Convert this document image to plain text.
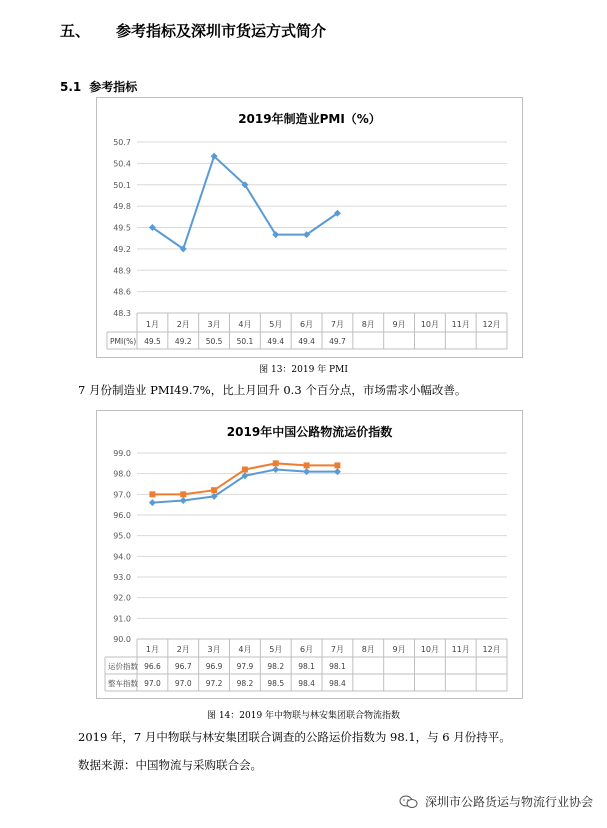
五、 参考指标及深圳市货运方式简介
5.1 参考指标
2019年制造业PMI（%）
48.3
48.6
48.9
49.2
49.5
49.8
50.1
50.4
50.7
1月 2月 3月 4月 5月 6月 7月 8月 9月 10月 11月 12月
PMI(%) 49.5 49.2 50.5 50.1 49.4 49.4 49.7
图 13：2019 年 PMI
7 月份制造业 PMI49.7%，比上月回升 0.3 个百分点，市场需求小幅改善。
2019年中国公路物流运价指数
90.0
91.0
92.0
93.0
94.0
95.0
96.0
97.0
98.0
99.0
1月 2月 3月 4月 5月 6月 7月 8月 9月 10月 11月 12月
运价指数 96.6 96.7 96.9 97.9 98.2 98.1 98.1
整车指数 97.0 97.0 97.2 98.2 98.5 98.4 98.4
图 14：2019 年中物联与林安集团联合物流指数
2019 年，7 月中物联与林安集团联合调查的公路运价指数为 98.1，与 6 月份持平。
数据来源：中国物流与采购联合会。
深圳市公路货运与物流行业协会
